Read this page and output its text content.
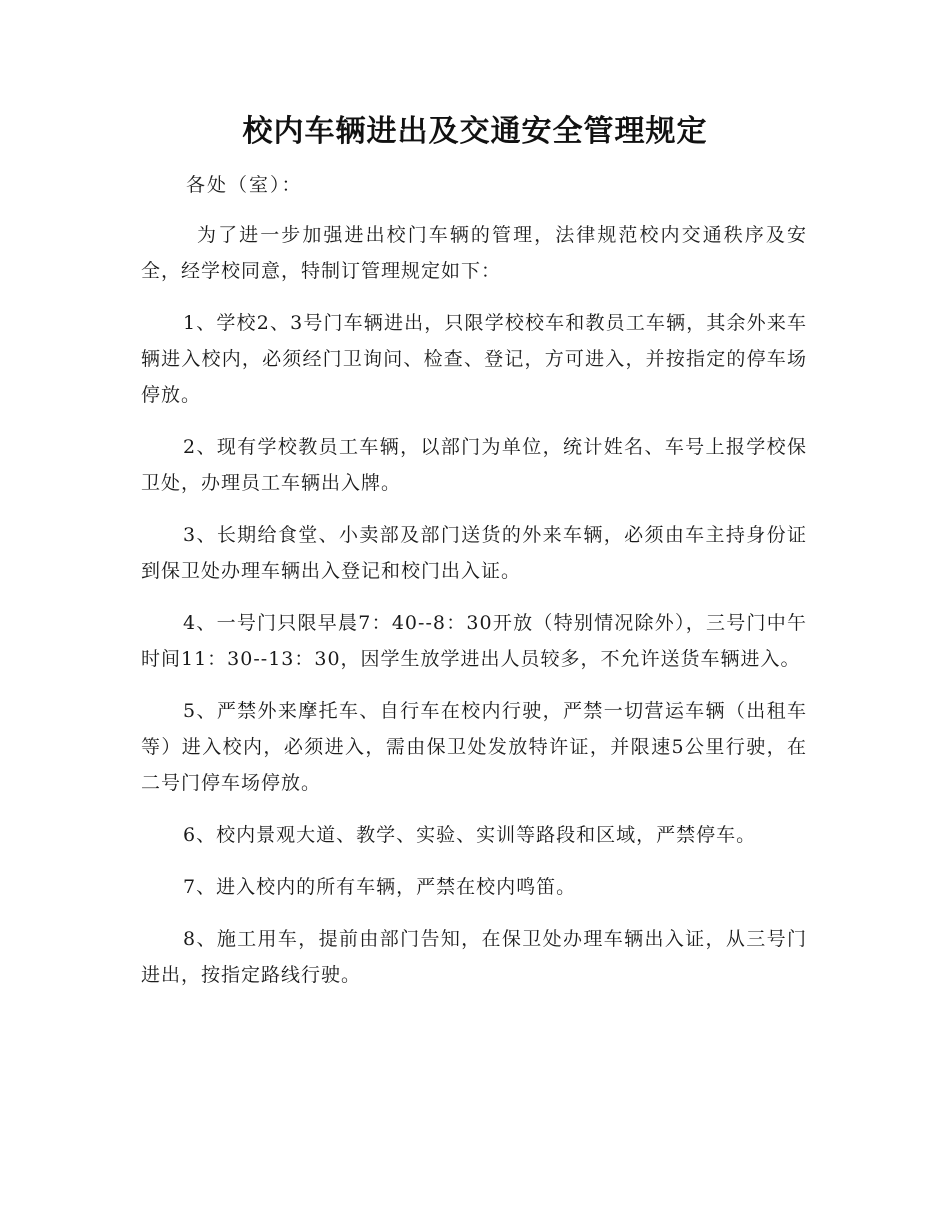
校内车辆进出及交通安全管理规定
各处（室）：

为了进一步加强进出校门车辆的管理，法律规范校内交通秩序及安全，经学校同意，特制订管理规定如下：

1、学校2、3号门车辆进出，只限学校校车和教员工车辆，其余外来车辆进入校内，必须经门卫询问、检查、登记，方可进入，并按指定的停车场停放。

2、现有学校教员工车辆，以部门为单位，统计姓名、车号上报学校保卫处，办理员工车辆出入牌。

3、长期给食堂、小卖部及部门送货的外来车辆，必须由车主持身份证到保卫处办理车辆出入登记和校门出入证。

4、一号门只限早晨7：40--8：30开放（特别情况除外），三号门中午时间11：30--13：30，因学生放学进出人员较多，不允许送货车辆进入。

5、严禁外来摩托车、自行车在校内行驶，严禁一切营运车辆（出租车等）进入校内，必须进入，需由保卫处发放特许证，并限速5公里行驶，在二号门停车场停放。

6、校内景观大道、教学、实验、实训等路段和区域，严禁停车。

7、进入校内的所有车辆，严禁在校内鸣笛。

8、施工用车，提前由部门告知，在保卫处办理车辆出入证，从三号门进出，按指定路线行驶。
